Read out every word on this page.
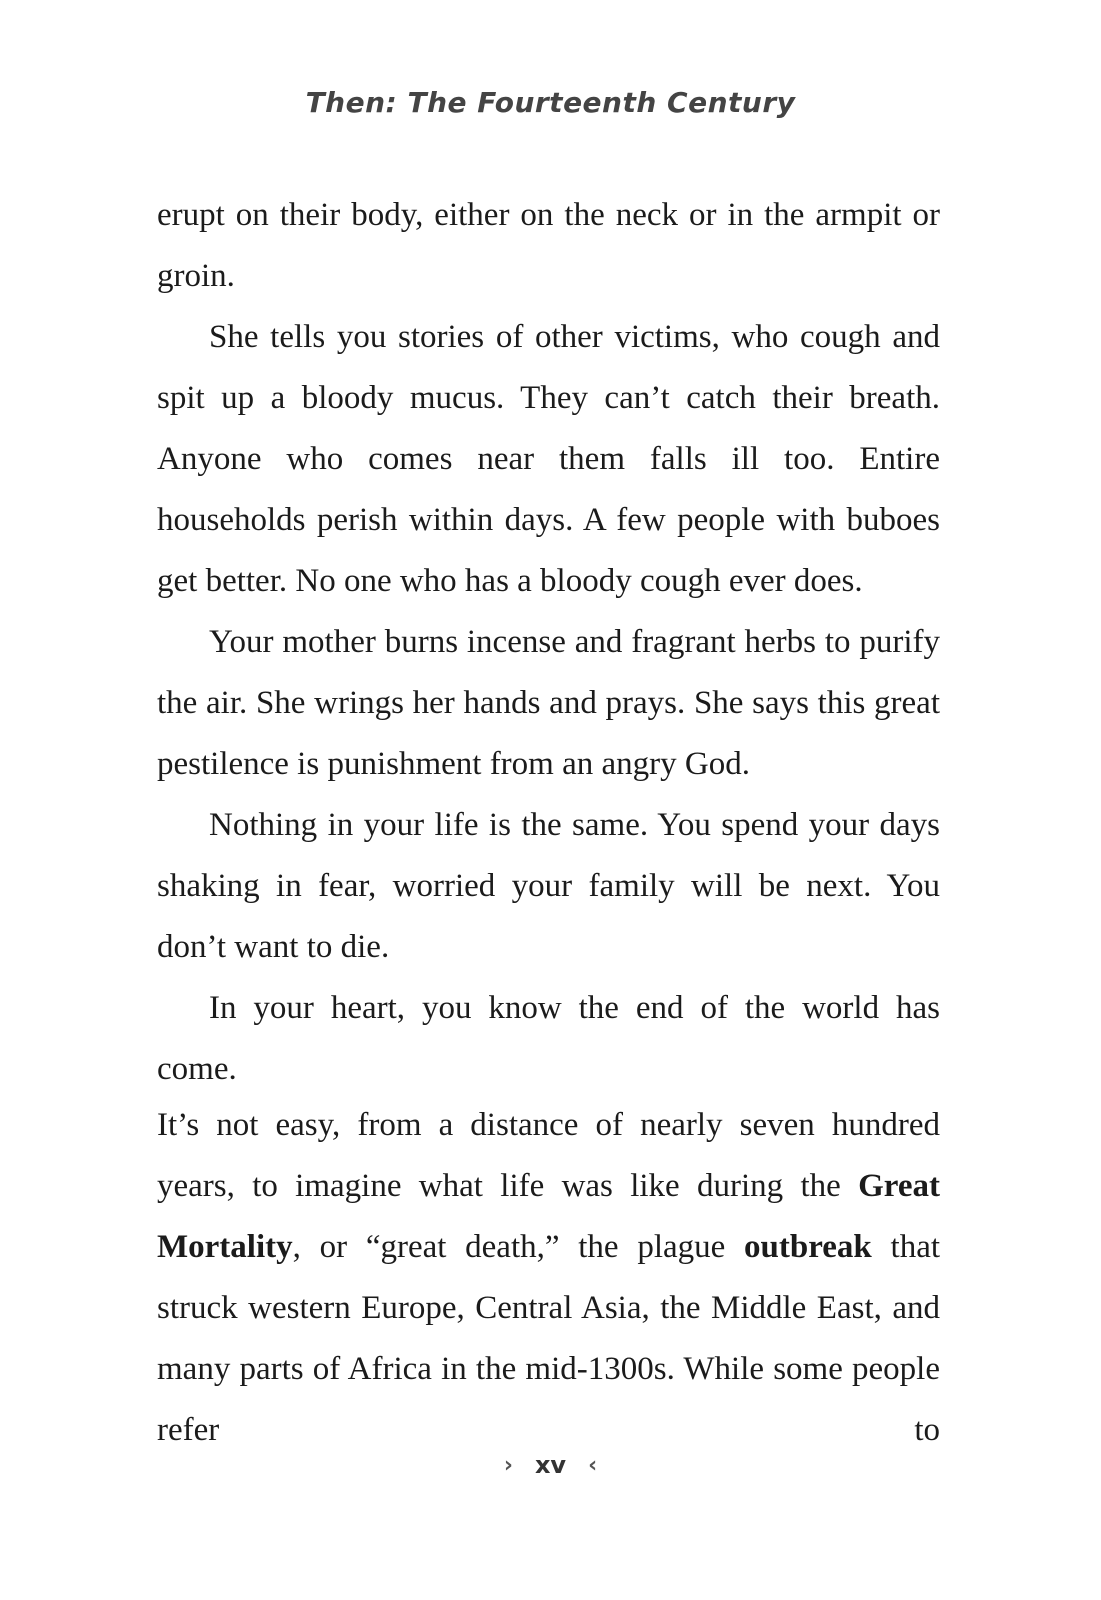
Then: The Fourteenth Century

erupt on their body, either on the neck or in the armpit or groin.

She tells you stories of other victims, who cough and spit up a bloody mucus. They can’t catch their breath. Anyone who comes near them falls ill too. Entire households perish within days. A few people with buboes get better. No one who has a bloody cough ever does.

Your mother burns incense and fragrant herbs to purify the air. She wrings her hands and prays. She says this great pestilence is punishment from an angry God.

Nothing in your life is the same. You spend your days shaking in fear, worried your family will be next. You don’t want to die.

In your heart, you know the end of the world has come.

It’s not easy, from a distance of nearly seven hundred years, to imagine what life was like during the Great Mortality, or “great death,” the plague outbreak that struck western Europe, Central Asia, the Middle East, and many parts of Africa in the mid-1300s. While some people refer to

› xv ‹
